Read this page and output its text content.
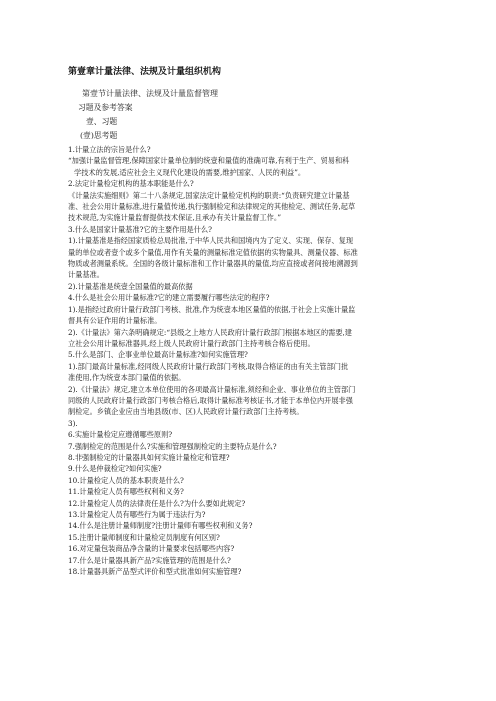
第壹章计量法律、法规及计量组织机构
第壹节计量法律、法规及计量监督管理
习题及参考答案
壹、习题
(壹)思考题

1.计量立法的宗旨是什么?

“加强计量监督管理,保障国家计量单位制的统壹和量值的准确可靠,有利于生产、贸易和科

学技术的发展,适应社会主义现代化建设的需要,维护国家、人民的利益”。

2.法定计量检定机构的基本职能是什么?

《计量法实施细则》第二十八条规定,国家法定计量检定机构的职责:“负责研究建立计量基

准、社会公用计量标准,进行量值传递,执行强制检定和法律规定的其他检定、测试任务,起草

技术规范,为实施计量监督提供技术保证,且承办有关计量监督工作。”

3.什么是国家计量基准?它的主要作用是什么?

1).计量基准是指经国家质检总局批准,于中华人民共和国境内为了定义、实现、保存、复现

量的单位或者壹个或多个量值,用作有关量的测量标准定值依据的实物量具、测量仪器、标准

物质或者测量系统。全国的各级计量标准和工作计量器具的量值,均应直接或者间接地溯源到

计量基准。

2).计量基准是统壹全国量值的最高依据

4.什么是社会公用计量标准?它的建立需要履行哪些法定的程序?

1).是指经过政府计量行政部门考核、批准,作为统壹本地区量值的依据,于社会上实施计量监

督具有公证作用的计量标准。

2).《计量法》第六条明确规定:“县级之上地方人民政府计量行政部门根据本地区的需要,建

立社会公用计量标准器具,经上级人民政府计量行政部门主持考核合格后使用。

5.什么是部门、企事业单位最高计量标准?如何实施管理?

1).部门最高计量标准,经同级人民政府计量行政部门考核,取得合格证的由有关主管部门批

准使用,作为统壹本部门量值的依据。

2).《计量法》规定,建立本单位使用的各项最高计量标准,须经和企业、事业单位的主管部门

同级的人民政府计量行政部门考核合格后,取得计量标准考核证书,才能于本单位内开展非强

制检定。乡镇企业应由当地县级(市、区)人民政府计量行政部门主持考核。

3).

6.实施计量检定应遵循哪些原则?

7.强制检定的范围是什么?实施和管理强制检定的主要特点是什么?

8.非强制检定的计量器具如何实施计量检定和管理?

9.什么是仲裁检定?如何实施?

10.计量检定人员的基本职责是什么?

11.计量检定人员有哪些权利和义务?

12.计量检定人员的法律责任是什么?为什么要如此规定?

13.计量检定人员有哪些行为属于违法行为?

14.什么是注册计量师制度?注册计量师有哪些权利和义务?

15.注册计量师制度和计量检定员制度有何区别?

16.对定量包装商品净含量的计量要求包括哪些内容?

17.什么是计量器具新产品?实施管理的范围是什么?

18.计量器具新产品型式评价和型式批准如何实施管理?
